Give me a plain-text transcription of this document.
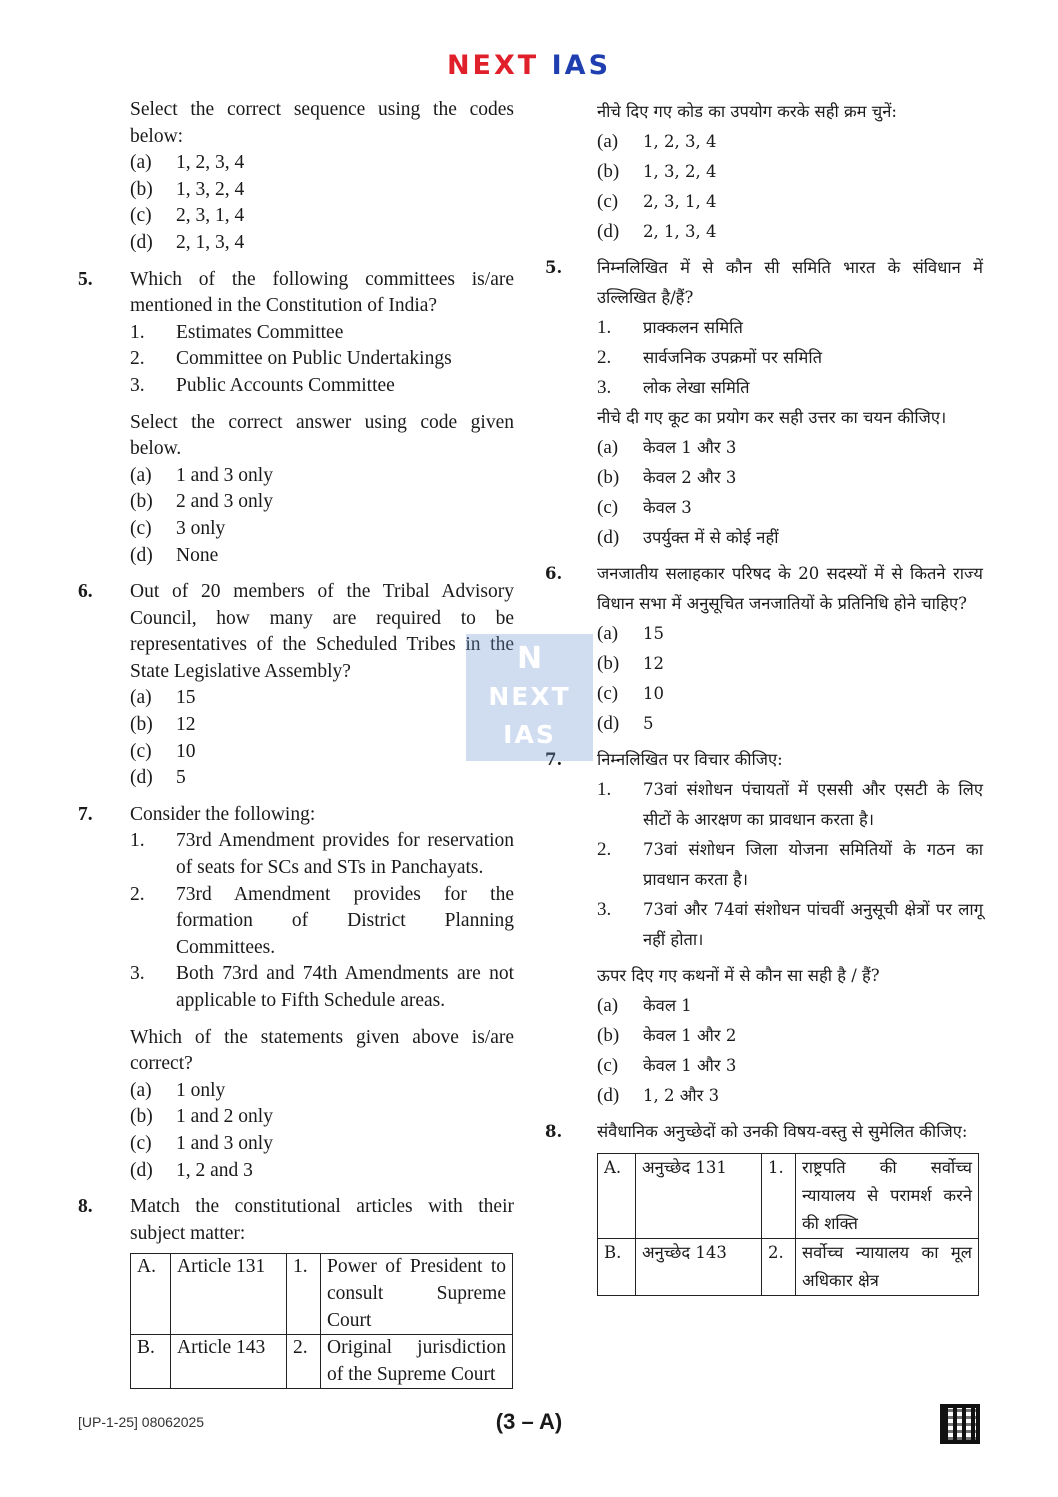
NEXT IAS
Select the correct sequence using the codes below:
(a) 1, 2, 3, 4
(b) 1, 3, 2, 4
(c) 2, 3, 1, 4
(d) 2, 1, 3, 4
5. Which of the following committees is/are mentioned in the Constitution of India?
1. Estimates Committee
2. Committee on Public Undertakings
3. Public Accounts Committee
Select the correct answer using code given below.
(a) 1 and 3 only
(b) 2 and 3 only
(c) 3 only
(d) None
6. Out of 20 members of the Tribal Advisory Council, how many are required to be representatives of the Scheduled Tribes in the State Legislative Assembly?
(a) 15
(b) 12
(c) 10
(d) 5
7. Consider the following:
1. 73rd Amendment provides for reservation of seats for SCs and STs in Panchayats.
2. 73rd Amendment provides for the formation of District Planning Committees.
3. Both 73rd and 74th Amendments are not applicable to Fifth Schedule areas.
Which of the statements given above is/are correct?
(a) 1 only
(b) 1 and 2 only
(c) 1 and 3 only
(d) 1, 2 and 3
8. Match the constitutional articles with their subject matter:
A.	Article 131	1.	Power of President to consult Supreme Court
B.	Article 143	2.	Original jurisdiction of the Supreme Court
नीचे दिए गए कोड का उपयोग करके सही क्रम चुनें:
(a) 1, 2, 3, 4
(b) 1, 3, 2, 4
(c) 2, 3, 1, 4
(d) 2, 1, 3, 4
5. निम्नलिखित में से कौन सी समिति भारत के संविधान में उल्लिखित है/हैं?
1. प्राक्कलन समिति
2. सार्वजनिक उपक्रमों पर समिति
3. लोक लेखा समिति
नीचे दी गए कूट का प्रयोग कर सही उत्तर का चयन कीजिए।
(a) केवल 1 और 3
(b) केवल 2 और 3
(c) केवल 3
(d) उपर्युक्त में से कोई नहीं
6. जनजातीय सलाहकार परिषद के 20 सदस्यों में से कितने राज्य विधान सभा में अनुसूचित जनजातियों के प्रतिनिधि होने चाहिए?
(a) 15
(b) 12
(c) 10
(d) 5
7. निम्नलिखित पर विचार कीजिए:
1. 73वां संशोधन पंचायतों में एससी और एसटी के लिए सीटों के आरक्षण का प्रावधान करता है।
2. 73वां संशोधन जिला योजना समितियों के गठन का प्रावधान करता है।
3. 73वां और 74वां संशोधन पांचवीं अनुसूची क्षेत्रों पर लागू नहीं होता।
ऊपर दिए गए कथनों में से कौन सा सही है / हैं?
(a) केवल 1
(b) केवल 1 और 2
(c) केवल 1 और 3
(d) 1, 2 और 3
8. संवैधानिक अनुच्छेदों को उनकी विषय-वस्तु से सुमेलित कीजिए:
A.	अनुच्छेद 131	1.	राष्ट्रपति की सर्वोच्च न्यायालय से परामर्श करने की शक्ति
B.	अनुच्छेद 143	2.	सर्वोच्च न्यायालय का मूल अधिकार क्षेत्र
N
NEXT
IAS
[UP-1-25] 08062025	(3 – A)
